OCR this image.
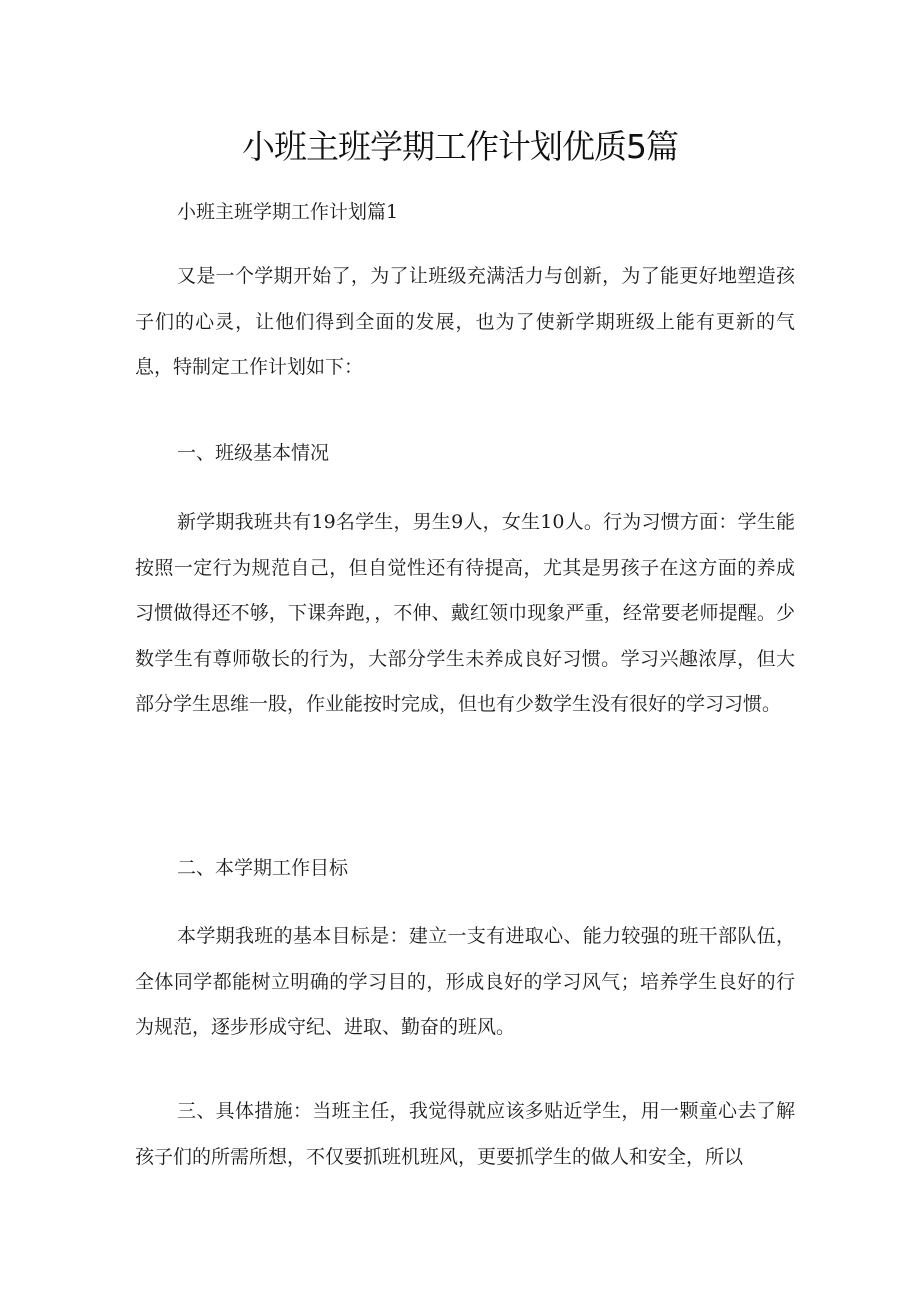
小班主班学期工作计划优质5篇

小班主班学期工作计划篇1

又是一个学期开始了，为了让班级充满活力与创新，为了能更好地塑造孩子们的心灵，让他们得到全面的发展，也为了使新学期班级上能有更新的气息，特制定工作计划如下：

一、班级基本情况

新学期我班共有19名学生，男生9人，女生10人。行为习惯方面：学生能按照一定行为规范自己，但自觉性还有待提高，尤其是男孩子在这方面的养成习惯做得还不够，下课奔跑，，不伸、戴红领巾现象严重，经常要老师提醒。少数学生有尊师敬长的行为，大部分学生未养成良好习惯。学习兴趣浓厚，但大部分学生思维一股，作业能按时完成，但也有少数学生没有很好的学习习惯。

二、本学期工作目标

本学期我班的基本目标是：建立一支有进取心、能力较强的班干部队伍，全体同学都能树立明确的学习目的，形成良好的学习风气；培养学生良好的行为规范，逐步形成守纪、进取、勤奋的班风。

三、具体措施：当班主任，我觉得就应该多贴近学生，用一颗童心去了解孩子们的所需所想，不仅要抓班机班风，更要抓学生的做人和安全，所以
